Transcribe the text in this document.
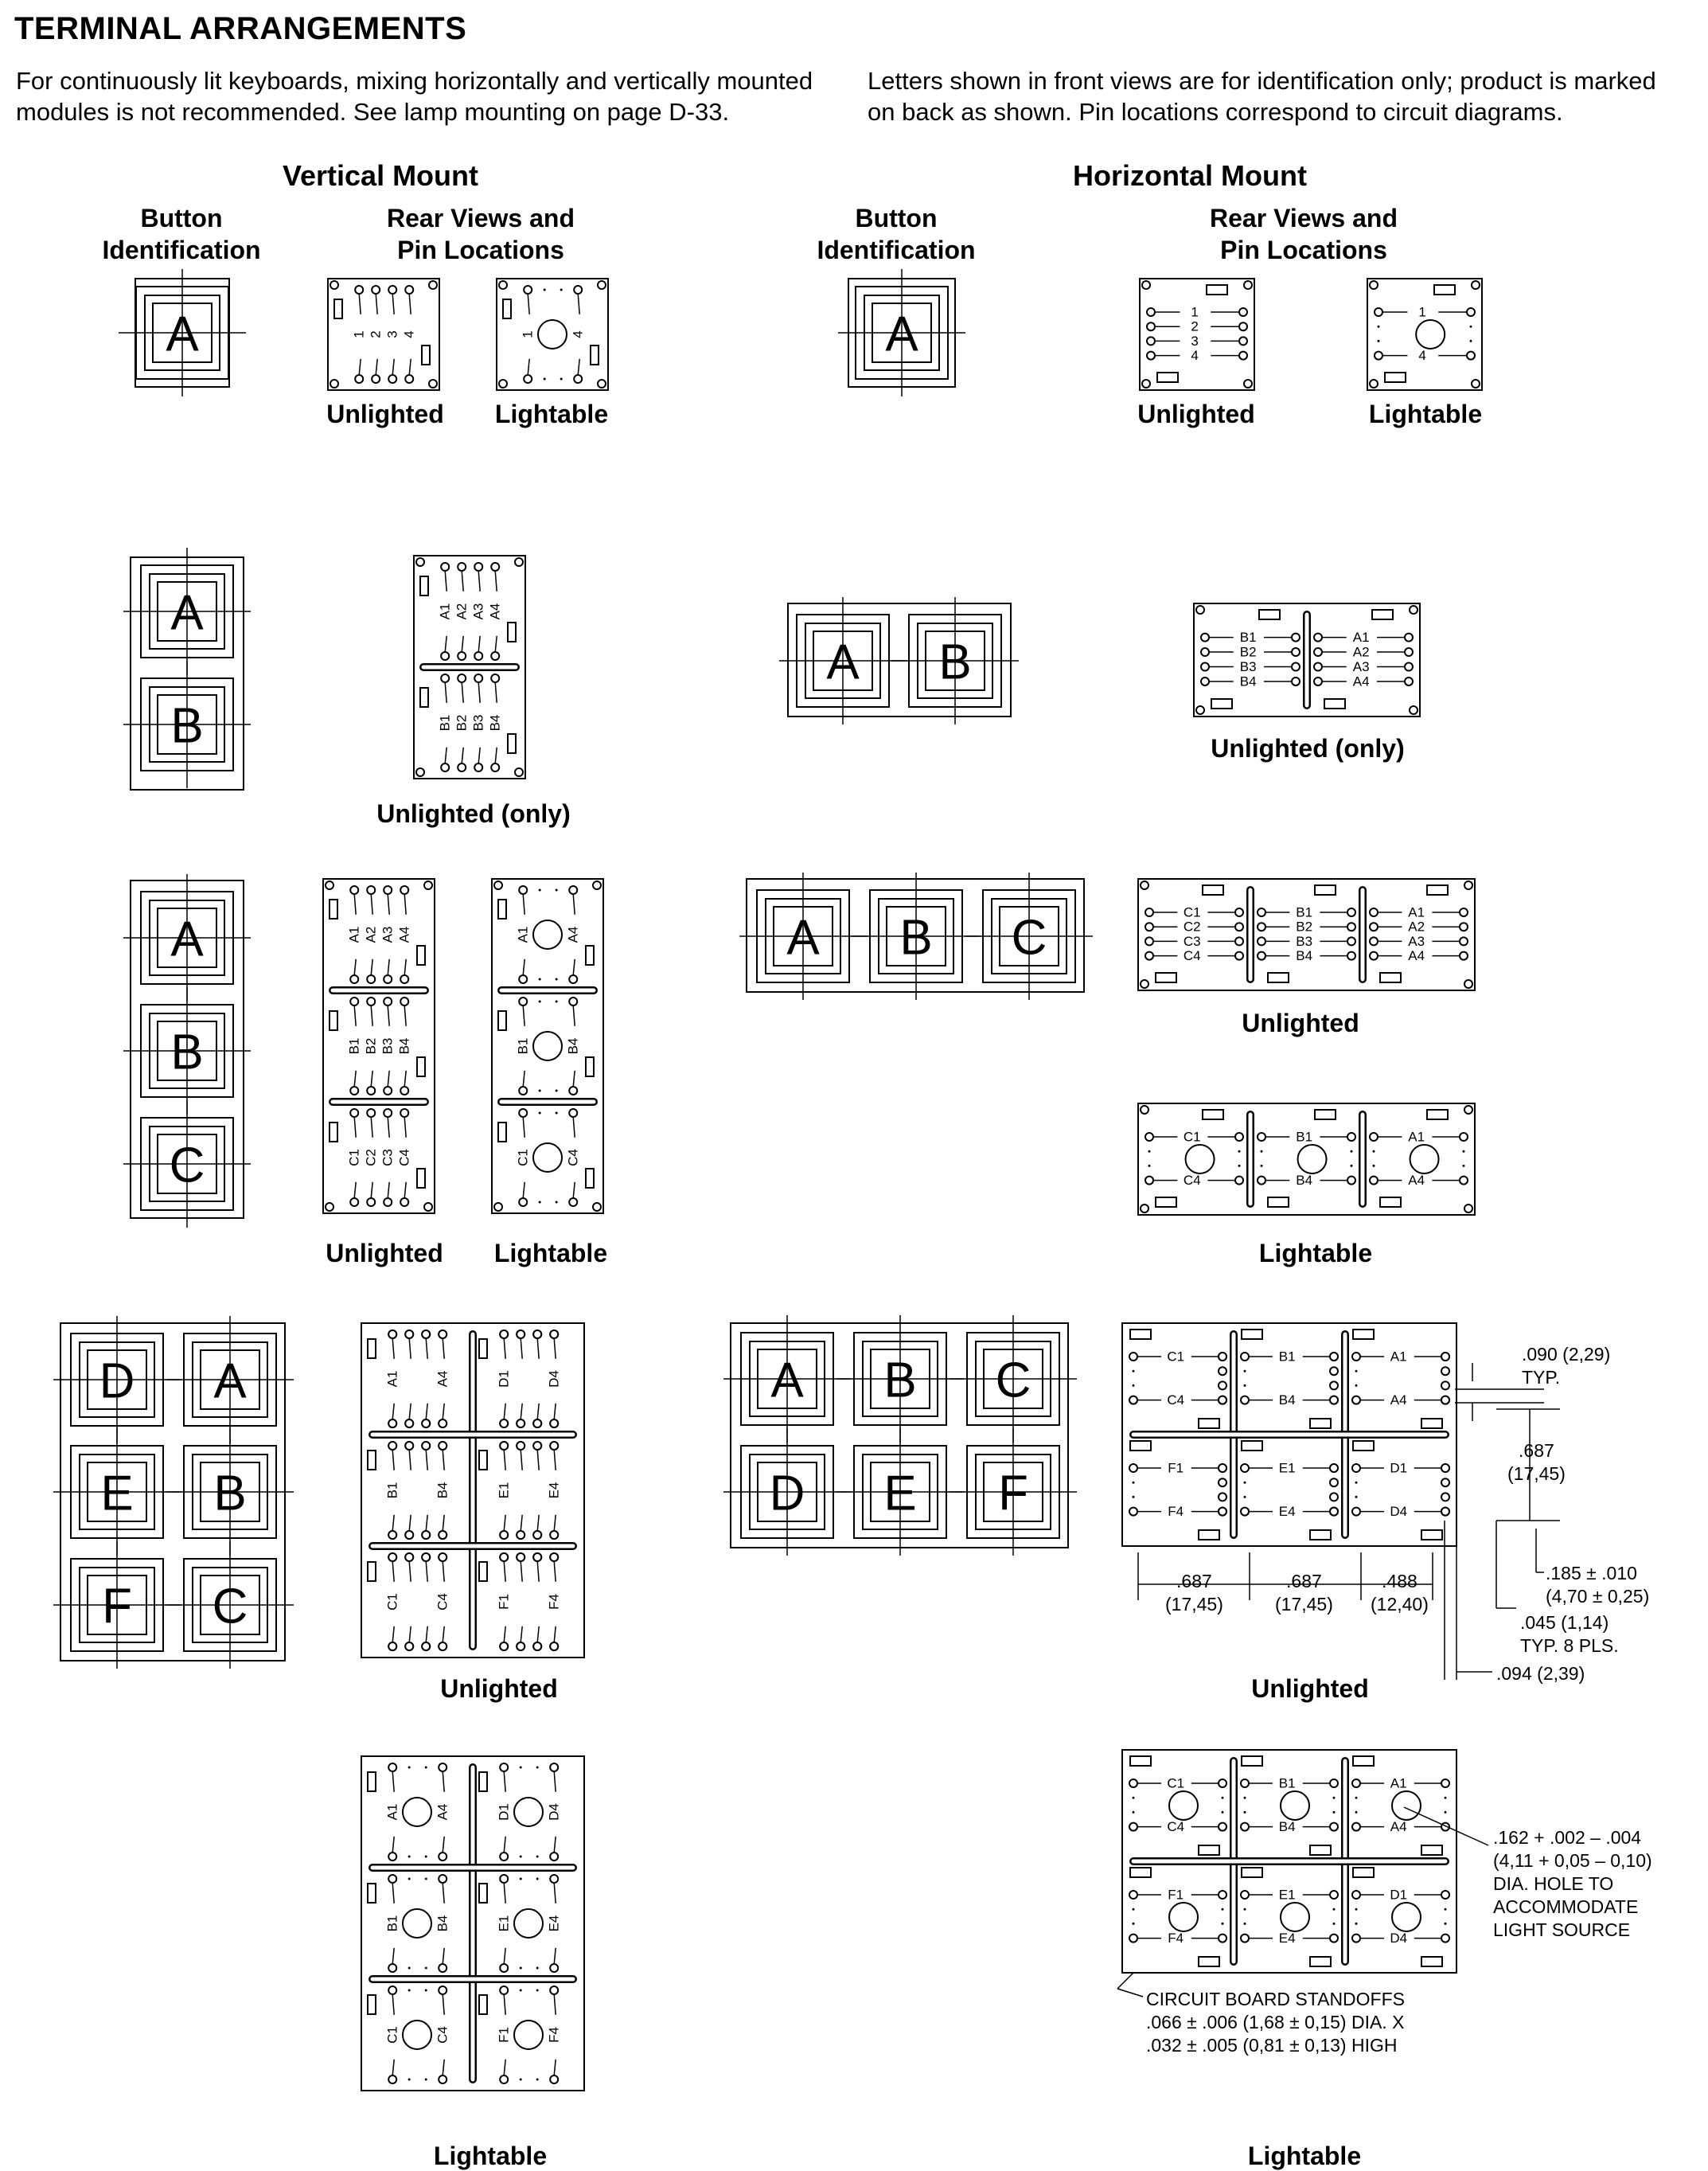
TERMINAL ARRANGEMENTS
For continuously lit keyboards, mixing horizontally and vertically mounted
modules is not recommended. See lamp mounting on page D-33.
Letters shown in front views are for identification only; product is marked
on back as shown. Pin locations correspond to circuit diagrams.
Vertical Mount	Horizontal Mount
Button
Identification
Rear Views and
Pin Locations
Button
Identification
Rear Views and
Pin Locations
Unlighted Lightable	Unlighted	Lightable
Unlighted (only)
Unlighted (only)
Unlighted
Unlighted Lightable	Lightable
Unlighted	Unlighted
Lightable	Lightable
.090 (2,29)
TYP.
.687
(17,45)
.185 ± .010
(4,70 ± 0,25)
.045 (1,14)
TYP. 8 PLS.
.094 (2,39)
.687
(17,45)
.687
(17,45)
.488
(12,40)
.162 + .002 – .004
(4,11 + 0,05 – 0,10)
DIA. HOLE TO
ACCOMMODATE
LIGHT SOURCE
CIRCUIT BOARD STANDOFFS
.066 ± .006 (1,68 ± 0,15) DIA. X
.032 ± .005 (0,81 ± 0,13) HIGH
A	A
A
B
A B
A
B
C
A B C
D A
E B
F C
A B C
D E F
1 2 3 4	1	4
1
2
3
4
1
4
A1 A2 A3 A4
B1 B2 B3 B4
B1
B2
B3
B4
A1
A2
A3
A4
A1 A2 A3 A4
B1 B2 B3 B4
C1 C2 C3 C4
A1	A4
B1	B4
C1	C4
C1
C2
C3
C4
B1
B2
B3
B4
A1
A2
A3
A4
C1
C4
B1
B4
A1
A4
A1	A4	D1	D4
B1	B4	E1	E4
C1	C4	F1	F4
A1	A4	D1	D4
B1	B4	E1	E4
C1	C4	F1	F4
C1
C4
B1
B4
A1
A4
F1
F4
E1
E4
D1
D4
C1
C4
B1
B4
A1
A4
F1
F4
E1
E4
D1
D4
